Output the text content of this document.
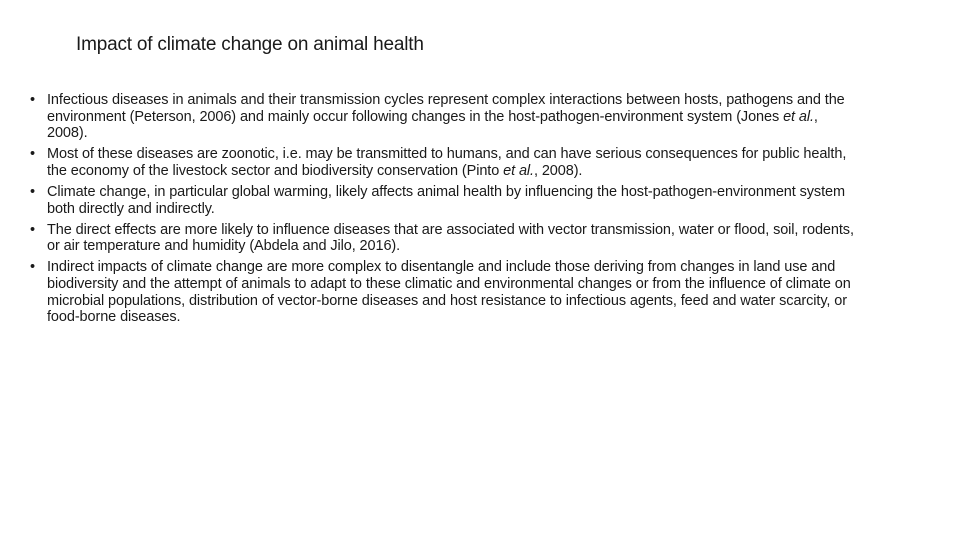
Impact of climate change on animal health
• Infectious diseases in animals and their transmission cycles represent complex interactions between hosts, pathogens and the environment (Peterson, 2006) and mainly occur following changes in the host-pathogen-environment system (Jones et al., 2008).
• Most of these diseases are zoonotic, i.e. may be transmitted to humans, and can have serious consequences for public health, the economy of the livestock sector and biodiversity conservation (Pinto et al., 2008).
• Climate change, in particular global warming, likely affects animal health by influencing the host-pathogen-environment system both directly and indirectly.
• The direct effects are more likely to influence diseases that are associated with vector transmission, water or flood, soil, rodents, or air temperature and humidity (Abdela and Jilo, 2016).
• Indirect impacts of climate change are more complex to disentangle and include those deriving from changes in land use and biodiversity and the attempt of animals to adapt to these climatic and environmental changes or from the influence of climate on microbial populations, distribution of vector-borne diseases and host resistance to infectious agents, feed and water scarcity, or food-borne diseases.
